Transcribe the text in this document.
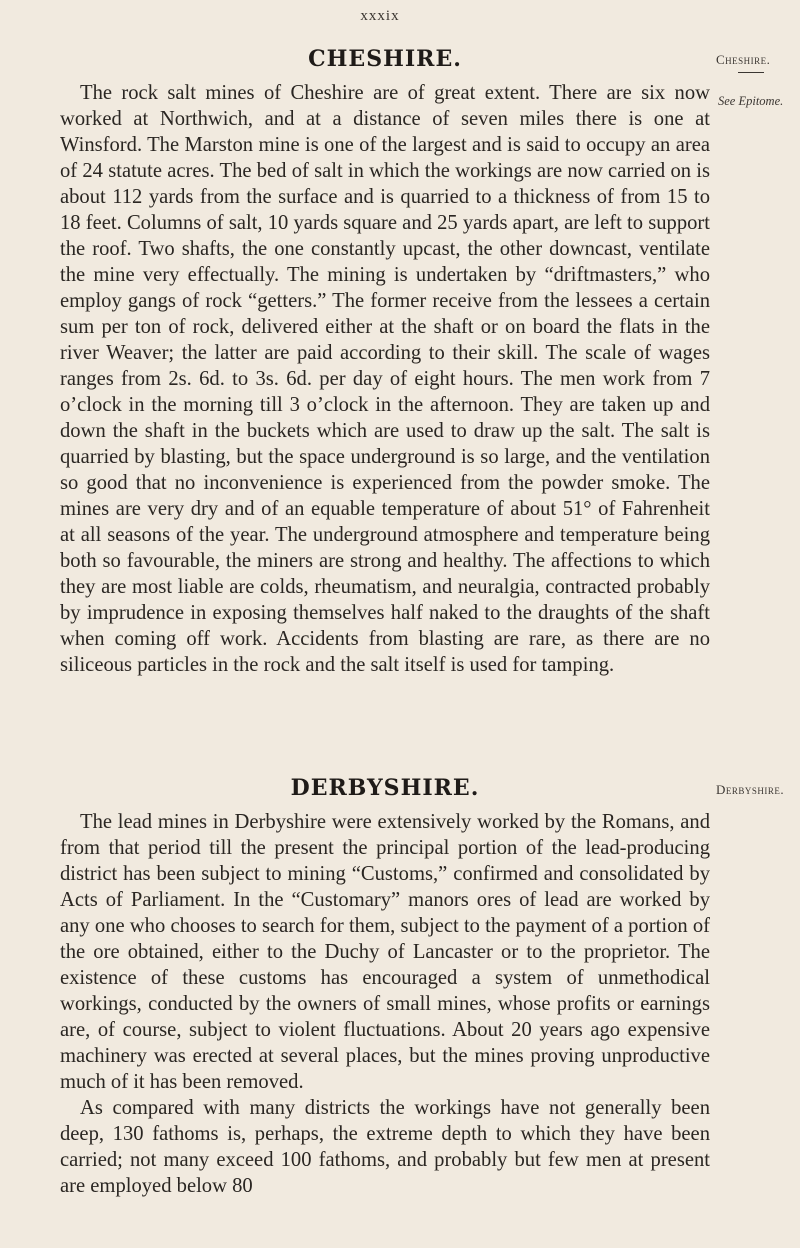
xxxix
CHESHIRE.

The rock salt mines of Cheshire are of great extent. There are six now worked at Northwich, and at a distance of seven miles there is one at Winsford. The Marston mine is one of the largest and is said to occupy an area of 24 statute acres. The bed of salt in which the workings are now carried on is about 112 yards from the surface and is quarried to a thickness of from 15 to 18 feet. Columns of salt, 10 yards square and 25 yards apart, are left to support the roof. Two shafts, the one constantly upcast, the other downcast, ventilate the mine very effectually. The mining is undertaken by “driftmasters,” who employ gangs of rock “getters.” The former receive from the lessees a certain sum per ton of rock, delivered either at the shaft or on board the flats in the river Weaver; the latter are paid according to their skill. The scale of wages ranges from 2s. 6d. to 3s. 6d. per day of eight hours. The men work from 7 o’clock in the morning till 3 o’clock in the afternoon. They are taken up and down the shaft in the buckets which are used to draw up the salt. The salt is quarried by blasting, but the space underground is so large, and the ventilation so good that no inconvenience is experienced from the powder smoke. The mines are very dry and of an equable temperature of about 51° of Fahrenheit at all seasons of the year. The underground atmosphere and temperature being both so favourable, the miners are strong and healthy. The affections to which they are most liable are colds, rheumatism, and neuralgia, contracted probably by imprudence in exposing themselves half naked to the draughts of the shaft when coming off work. Accidents from blasting are rare, as there are no siliceous particles in the rock and the salt itself is used for tamping.

Cheshire.
See Epitome.
DERBYSHIRE.

The lead mines in Derbyshire were extensively worked by the Romans, and from that period till the present the principal portion of the lead-producing district has been subject to mining “Customs,” confirmed and consolidated by Acts of Parliament. In the “Customary” manors ores of lead are worked by any one who chooses to search for them, subject to the payment of a portion of the ore obtained, either to the Duchy of Lancaster or to the proprietor. The existence of these customs has encouraged a system of unmethodical workings, conducted by the owners of small mines, whose profits or earnings are, of course, subject to violent fluctuations. About 20 years ago expensive machinery was erected at several places, but the mines proving unproductive much of it has been removed.

As compared with many districts the workings have not generally been deep, 130 fathoms is, perhaps, the extreme depth to which they have been carried; not many exceed 100 fathoms, and probably but few men at present are employed below 80

Derbyshire.
